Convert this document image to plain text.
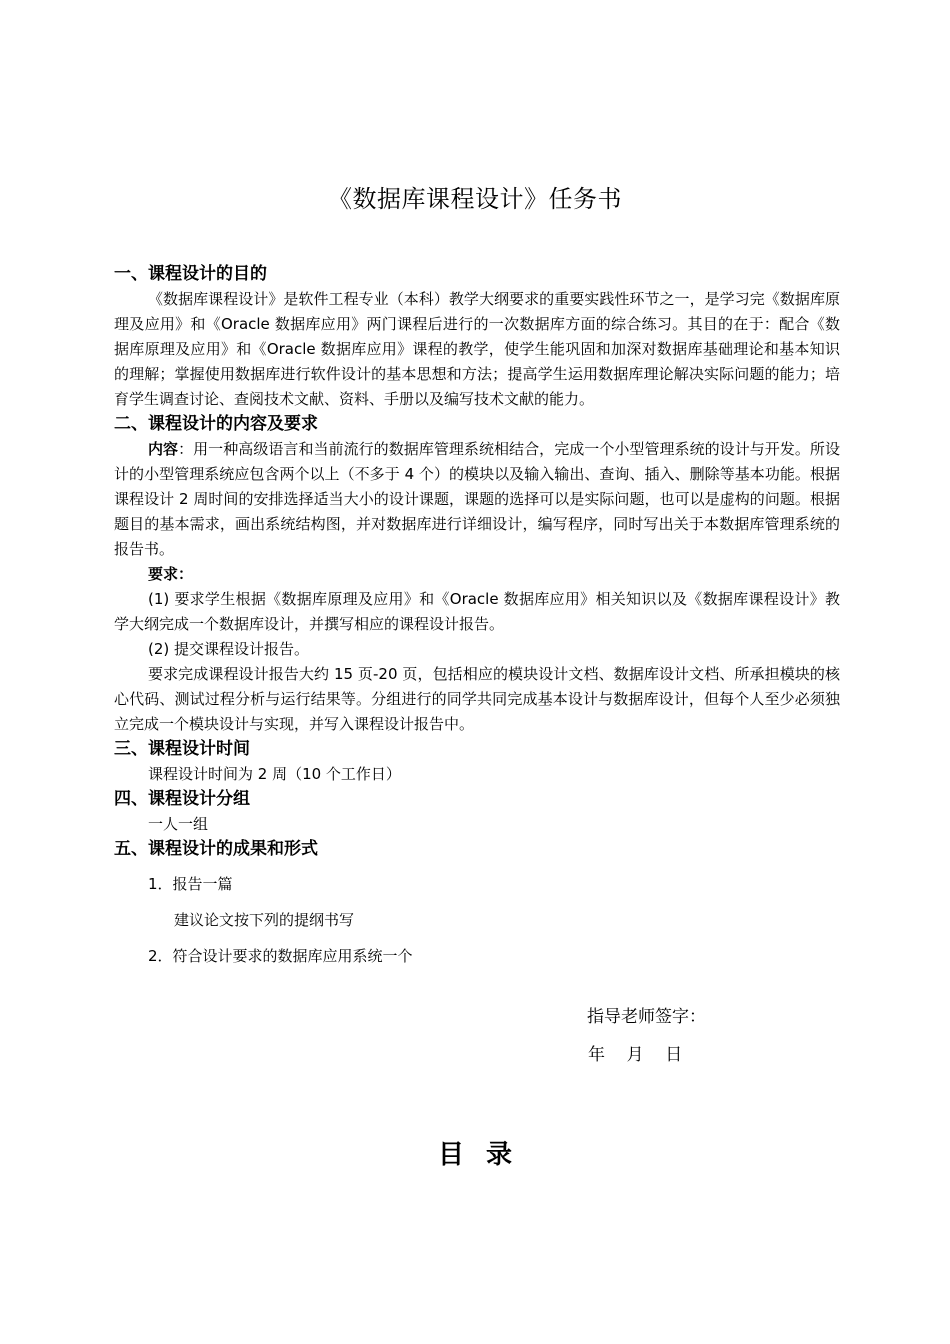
《数据库课程设计》任务书

一、课程设计的目的

《数据库课程设计》是软件工程专业（本科）教学大纲要求的重要实践性环节之一，是学习完《数据库原理及应用》和《Oracle 数据库应用》两门课程后进行的一次数据库方面的综合练习。其目的在于：配合《数据库原理及应用》和《Oracle 数据库应用》课程的教学，使学生能巩固和加深对数据库基础理论和基本知识的理解；掌握使用数据库进行软件设计的基本思想和方法；提高学生运用数据库理论解决实际问题的能力；培育学生调查讨论、查阅技术文献、资料、手册以及编写技术文献的能力。

二、课程设计的内容及要求

内容：用一种高级语言和当前流行的数据库管理系统相结合，完成一个小型管理系统的设计与开发。所设计的小型管理系统应包含两个以上（不多于 4 个）的模块以及输入输出、查询、插入、删除等基本功能。根据课程设计 2 周时间的安排选择适当大小的设计课题，课题的选择可以是实际问题，也可以是虚构的问题。根据题目的基本需求，画出系统结构图，并对数据库进行详细设计，编写程序，同时写出关于本数据库管理系统的报告书。

要求：

(1) 要求学生根据《数据库原理及应用》和《Oracle 数据库应用》相关知识以及《数据库课程设计》教学大纲完成一个数据库设计，并撰写相应的课程设计报告。

(2) 提交课程设计报告。

要求完成课程设计报告大约 15 页-20 页，包括相应的模块设计文档、数据库设计文档、所承担模块的核心代码、测试过程分析与运行结果等。分组进行的同学共同完成基本设计与数据库设计，但每个人至少必须独立完成一个模块设计与实现，并写入课程设计报告中。

三、课程设计时间

课程设计时间为 2 周（10 个工作日）

四、课程设计分组

一人一组

五、课程设计的成果和形式

1．报告一篇

建议论文按下列的提纲书写

2．符合设计要求的数据库应用系统一个

指导老师签字：
年    月    日
目录
